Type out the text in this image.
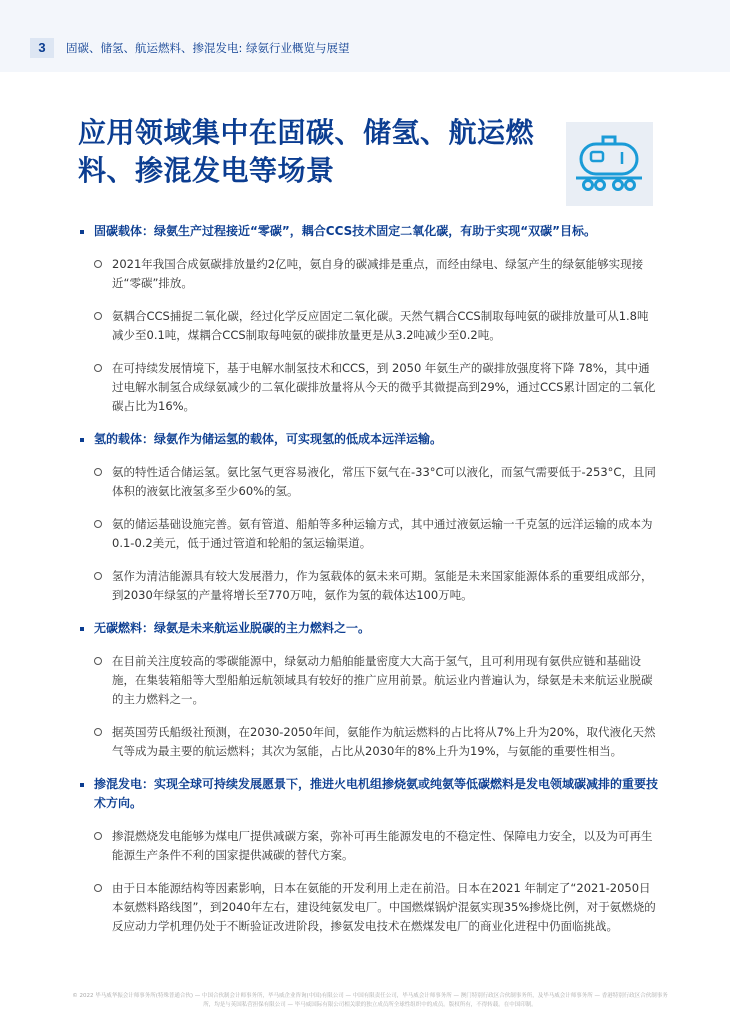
3	固碳、储氢、航运燃料、掺混发电: 绿氨行业概览与展望
应用领域集中在固碳、储氢、航运燃料、掺混发电等场景
固碳载体：绿氨生产过程接近“零碳”，耦合CCS技术固定二氧化碳，有助于实现“双碳”目标。
2021年我国合成氨碳排放量约2亿吨，氨自身的碳减排是重点，而经由绿电、绿氢产生的绿氨能够实现接近“零碳”排放。
氨耦合CCS捕捉二氧化碳，经过化学反应固定二氧化碳。天然气耦合CCS制取每吨氨的碳排放量可从1.8吨减少至0.1吨，煤耦合CCS制取每吨氨的碳排放量更是从3.2吨减少至0.2吨。
在可持续发展情境下，基于电解水制氢技术和CCS，到 2050 年氨生产的碳排放强度将下降 78%，其中通过电解水制氢合成绿氨减少的二氧化碳排放量将从今天的微乎其微提高到29%，通过CCS累计固定的二氧化碳占比为16%。
氢的载体：绿氨作为储运氢的载体，可实现氢的低成本远洋运输。
氨的特性适合储运氢。氨比氢气更容易液化，常压下氨气在-33°C可以液化，而氢气需要低于-253°C，且同体积的液氨比液氢多至少60%的氢。
氨的储运基础设施完善。氨有管道、船舶等多种运输方式，其中通过液氨运输一千克氢的远洋运输的成本为0.1-0.2美元，低于通过管道和轮船的氢运输渠道。
氢作为清洁能源具有较大发展潜力，作为氢载体的氨未来可期。氢能是未来国家能源体系的重要组成部分，到2030年绿氢的产量将增长至770万吨，氨作为氢的载体达100万吨。
无碳燃料：绿氨是未来航运业脱碳的主力燃料之一。
在目前关注度较高的零碳能源中，绿氨动力船舶能量密度大大高于氢气，且可利用现有氨供应链和基础设施，在集装箱船等大型船舶远航领域具有较好的推广应用前景。航运业内普遍认为，绿氨是未来航运业脱碳的主力燃料之一。
据英国劳氏船级社预测，在2030-2050年间，氨能作为航运燃料的占比将从7%上升为20%，取代液化天然气等成为最主要的航运燃料；其次为氢能，占比从2030年的8%上升为19%，与氨能的重要性相当。
掺混发电：实现全球可持续发展愿景下，推进火电机组掺烧氨或纯氨等低碳燃料是发电领域碳减排的重要技术方向。
掺混燃烧发电能够为煤电厂提供减碳方案，弥补可再生能源发电的不稳定性、保障电力安全，以及为可再生能源生产条件不利的国家提供减碳的替代方案。
由于日本能源结构等因素影响，日本在氨能的开发利用上走在前沿。日本在2021 年制定了“2021-2050日本氨燃料路线图”，到2040年左右，建设纯氨发电厂。中国燃煤锅炉混氨实现35%掺烧比例，对于氨燃烧的反应动力学机理仍处于不断验证改进阶段，掺氨发电技术在燃煤发电厂的商业化进程中仍面临挑战。
© 2022 毕马威华振会计师事务所(特殊普通合伙) — 中国合伙制会计师事务所，毕马威企业咨询(中国)有限公司 — 中国有限责任公司，毕马威会计师事务所 — 澳门特别行政区合伙制事务所，及毕马威会计师事务所 — 香港特别行政区合伙制事务所，均是与英国私营担保有限公司 — 毕马威国际有限公司相关联的独立成员所全球性组织中的成员。版权所有，不得转载。在中国印制。
